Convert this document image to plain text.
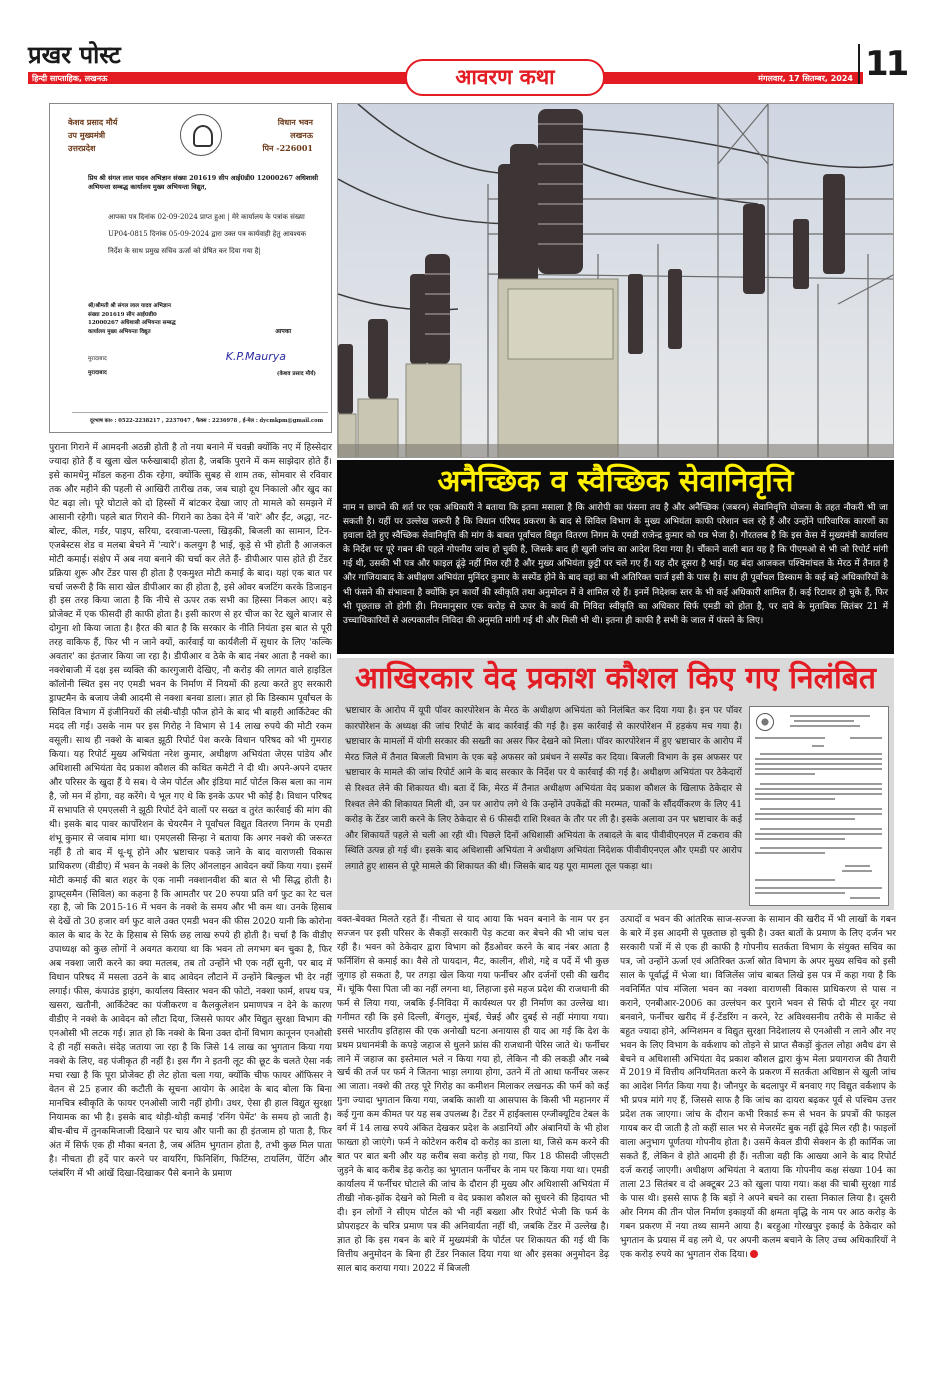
प्रखर पोस्ट
हिन्दी साप्ताहिक, लखनऊ	मंगलवार, 17 सितम्बर, 2024
आवरण कथा	11
केशव प्रसाद मौर्य
उप मुख्यमंत्री
उत्तरप्रदेश
विधान भवन
लखनऊ
पिन -226001
प्रिय श्री संगल लाल यादव अभिज्ञान संख्या 201619 सीप आई0डी0 12000267 अधिशासी अभियन्ता सम्बद्ध कार्यालय मुख्य अभियन्ता विद्युत,
आपका पत्र दिनांक 02-09-2024 प्राप्त हुआ | मेरे कार्यालय के पत्रांक संख्या UP04-0815 दिनांक 05-09-2024 द्वारा उक्त पत्र कार्यवाही हेतु आवश्यक निर्देश के साथ प्रमुख सचिव ऊर्जा को प्रेषित कर दिया गया है|
श्री/श्रीमती श्री संगल लाल यादव अभिज्ञान संख्या 201619 सीप आई0डी0 12000267 अधिशासी अभियन्ता सम्बद्ध कार्यालय मुख्य अभियन्ता विद्युत
मुरादाबाद
मुरादाबाद
आपका
K.P.Maurya
(केशव प्रसाद मौर्य)
दूरभाष का० : 0522-2238217 , 2237047 , फैक्स : 2236978 , ई-मेल : dycmkpm@gmail.com
अनैच्छिक व स्वैच्छिक सेवानिवृत्ति

नाम न छापने की शर्त पर एक अधिकारी ने बताया कि इतना मसाला है कि आरोपी का फंसना तय है और अनैच्छिक (जबरन) सेवानिवृत्ति योजना के तहत नौकरी भी जा सकती है। यहीं पर उल्लेख जरूरी है कि विधान परिषद प्रकरण के बाद से सिविल विभाग के मुख्य अभियंता काफी परेशान चल रहे हैं और उन्होंने पारिवारिक कारणों का हवाला देते हुए स्वैच्छिक सेवानिवृत्ति की मांग के बाबत पूर्वांचल विद्युत वितरण निगम के एमडी राजेन्द्र कुमार को पत्र भेजा है। गौरतलब है कि इस केस में मुख्यमंत्री कार्यालय के निर्देश पर पूरे गबन की पहले गोपनीय जांच हो चुकी है, जिसके बाद ही खुली जांच का आदेश दिया गया है। चौंकाने वाली बात यह है कि पीएमओ से भी जो रिपोर्ट मांगी गई थी, उसकी भी पत्र और फाइल ढूंढ़े नहीं मिल रही है और मुख्य अभियंता छुट्टी पर चले गए हैं। यह दौर दूसरा है भाई। यह बंदा आजकल पश्चिमांचल के मेरठ में तैनात है और गाजियाबाद के अधीक्षण अभियंता मुनिंदर कुमार के सस्पेंड होने के बाद वहां का भी अतिरिक्त चार्ज इसी के पास है। साथ ही पूर्वांचल डिस्काम के कई बड़े अधिकारियों के भी फंसने की संभावना है क्योंकि इन कार्यों की स्वीकृति तथा अनुमोदन में वे शामिल रहे हैं। इनमें निदेशक स्तर के भी कई अधिकारी शामिल हैं। कई रिटायर हो चुके हैं, फिर भी पूछताछ तो होगी ही। नियमानुसार एक करोड़ से ऊपर के कार्य की निविदा स्वीकृति का अधिकार सिर्फ एमडी को होता है, पर दावे के मुताबिक सितंबर 21 में उच्चाधिकारियों से अल्पकालीन निविदा की अनुमति मांगी गई थी और मिली भी थी। इतना ही काफी है सभी के जाल में फंसने के लिए।

आखिरकार वेद प्रकाश कौशल किए गए निलंबित

भ्रष्टाचार के आरोप में यूपी पॉवर कारपोरेशन के मेरठ के अधीक्षण अभियंता को निलंबित कर दिया गया है। इन पर पॉवर कारपोरेशन के अध्यक्ष की जांच रिपोर्ट के बाद कार्रवाई की गई है। इस कार्रवाई से कारपोरेशन में हड़कंप मच गया है। भ्रष्टाचार के मामलों में योगी सरकार की सख्ती का असर फिर देखने को मिला। पॉवर कारपोरेशन में हुए भ्रष्टाचार के आरोप में मेरठ जिले में तैनात बिजली विभाग के एक बड़े अफसर को प्रबंधन ने सस्पेंड कर दिया। बिजली विभाग के इस अफसर पर भ्रष्टाचार के मामले की जांच रिपोर्ट आने के बाद सरकार के निर्देश पर ये कार्रवाई की गई है। अधीक्षण अभियंता पर ठेकेदारों से रिश्वत लेने की शिकायत थी। बता दें कि, मेरठ में तैनात अधीक्षण अभियंता वेद प्रकाश कौशल के खिलाफ ठेकेदार से रिश्वत लेने की शिकायत मिली थी, उन पर आरोप लगे थे कि उन्होंने उपकेंद्रों की मरम्मत, पार्कों के सौंदर्यीकरण के लिए 41 करोड़ के टेंडर जारी करने के लिए ठेकेदार से 6 फीसदी राशि रिश्वत के तौर पर ली है। इसके अलावा उन पर भ्रष्टाचार के कई और शिकायतें पहले से चली आ रही थी। पिछले दिनों अधिशासी अभियंता के तबादले के बाद पीवीवीएनएल में टकराव की स्थिति उत्पन्न हो गई थी। इसके बाद अधिशासी अभियंता ने अधीक्षण अभियंता निदेशक पीवीवीएनएल और एमडी पर आरोप लगाते हुए शासन से पूरे मामले की शिकायत की थी। जिसके बाद यह पूरा मामला तूल पकड़ा था।

पुराना गिराने में आमदनी अठन्नी होती है तो नया बनाने में चवन्नी क्योंकि नए में हिस्सेदार ज्यादा होते हैं व खुला खेल फर्रुखाबादी होता है, जबकि पुराने में कम साझेदार होते हैं। इसे कामधेनु मॉडल कहना ठीक रहेगा, क्योंकि सुबह से शाम तक, सोमवार से रविवार तक और महीने की पहली से आखिरी तारीख तक, जब चाहो दूध निकालो और खुद का पेट बढ़ा लो। पूरे घोटाले को दो हिस्सों में बांटकर देखा जाए तो मामले को समझने में आसानी रहेगी। पहले बात गिराने की- गिराने का ठेका देने में 'वारे' और ईंट, अद्धा, नट-बोल्ट, कील, गर्डर, पाइप, सरिया, दरवाजा-पल्ला, खिड़की, बिजली का सामान, टिन-एजबेस्टस शेड व मलबा बेचने में 'न्यारे'। कलयुग है भाई, कूड़े से भी होती है आजकल मोटी कमाई। संक्षेप में अब नया बनाने की चर्चा कर लेते हैं- डीपीआर पास होते ही टेंडर प्रक्रिया शुरू और टेंडर पास ही होता है एकमुश्त मोटी कमाई के बाद। यहां एक बात पर चर्चा जरूरी है कि सारा खेल डीपीआर का ही होता है, इसे ओवर बजटिंग करके डिजाइन ही इस तरह किया जाता है कि नीचे से ऊपर तक सभी का हिस्सा निकल आए। बड़े प्रोजेक्ट में एक फीसदी ही काफी होता है। इसी कारण से हर चीज का रेट खुले बाजार से दोगुना शो किया जाता है। हैरत की बात है कि सरकार के नीति नियंता इस बात से पूरी तरह वाकिफ हैं, फिर भी न जाने क्यों, कार्रवाई या कार्यशैली में सुधार के लिए 'कल्कि अवतार' का इंतजार किया जा रहा है। डीपीआर व ठेके के बाद नंबर आता है नक्शे का। नक्शेबाजी में दक्ष इस व्यक्ति की कारगुजारी देखिए, नौ करोड़ की लागत वाले हाइडिल कॉलोनी स्थित इस नए एमडी भवन के निर्माण में नियमों की हत्या करते हुए सरकारी ड्राफ्टमैन के बजाय जेबी आदमी से नक्शा बनवा डाला। ज्ञात हो कि डिस्काम पूर्वांचल के सिविल विभाग में इंजीनियरों की लंबी-चौड़ी फौज होने के बाद भी बाहरी आर्किटेक्ट की मदद ली गई। उसके नाम पर इस गिरोह ने विभाग से 14 लाख रुपये की मोटी रकम वसूली। साथ ही नक्शे के बाबत झूठी रिपोर्ट पेश करके विधान परिषद को भी गुमराह किया। यह रिपोर्ट मुख्य अभियंता नरेश कुमार, अधीक्षण अभियंता जेएस पांडेय और अधिशासी अभियंता वेद प्रकाश कौशल की कथित कमेटी ने दी थी। अपने-अपने दफ्तर और परिसर के खुदा हैं ये सब। ये जेम पोर्टल और इंडिया मार्ट पोर्टल किस बला का नाम है, जो मन में होगा, वह करेंगे। ये भूल गए थे कि इनके ऊपर भी कोई है। विधान परिषद में सभापति से एमएलसी ने झूठी रिपोर्ट देने वालों पर सख्त व तुरंत कार्रवाई की मांग की थी। इसके बाद पावर कार्पोरेशन के चेयरमैन ने पूर्वांचल विद्युत वितरण निगम के एमडी शंभू कुमार से जवाब मांगा था। एमएलसी सिन्हा ने बताया कि अगर नक्शे की जरूरत नहीं है तो बाद में थू-थू होने और भ्रष्टाचार पकड़े जाने के बाद वाराणसी विकास प्राधिकरण (वीडीए) में भवन के नक्शे के लिए ऑनलाइन आवेदन क्यों किया गया। इसमें मोटी कमाई की बात शहर के एक नामी नक्शानवीश की बात से भी सिद्ध होती है। ड्राफ्ट्समैन (सिविल) का कहना है कि आमतौर पर 20 रुपया प्रति वर्ग फुट का रेट चल रहा है, जो कि 2015-16 में भवन के नक्शे के समय और भी कम था। उनके हिसाब से देखें तो 30 हजार वर्ग फुट वाले उक्त एमडी भवन की फीस 2020 यानी कि कोरोना काल के बाद के रेट के हिसाब से सिर्फ छह लाख रुपये ही होती है। चर्चा है कि वीडीए उपाध्यक्ष को कुछ लोगों ने अवगत कराया था कि भवन तो लगभग बन चुका है, फिर अब नक्शा जारी करने का क्या मतलब, तब तो उन्होंने भी एक नहीं सुनी, पर बाद में विधान परिषद में मसला उठने के बाद आवेदन लौटाने में उन्होंने बिल्कुल भी देर नहीं लगाई। फीस, कंपाउंड ड्राइंग, कार्यालय विस्तार भवन की फोटो, नक्शा फार्म, शपथ पत्र, खसरा, खतौनी, आर्किटेक्ट का पंजीकरण व कैलकुलेशन प्रमाणपत्र न देने के कारण वीडीए ने नक्शे के आवेदन को लौटा दिया, जिससे फायर और विद्युत सुरक्षा विभाग की एनओसी भी लटक गई। ज्ञात हो कि नक्शे के बिना उक्त दोनों विभाग कानूनन एनओसी दे ही नहीं सकते। संदेह जताया जा रहा है कि जिसे 14 लाख का भुगतान किया गया नक्शे के लिए, वह पंजीकृत ही नहीं है। इस गैंग ने इतनी लूट की छूट के चलते ऐसा नर्क मचा रखा है कि पूरा प्रोजेक्ट ही लेट होता चला गया, क्योंकि चीफ फायर ऑफिसर ने वेतन से 25 हजार की कटौती के सूचना आयोग के आदेश के बाद बोला कि बिना मानचित्र स्वीकृति के फायर एनओसी जारी नहीं होगी। उधर, ऐसा ही हाल विद्युत सुरक्षा नियामक का भी है। इसके बाद थोड़ी-थोड़ी कमाई 'रनिंग पेमेंट' के समय हो जाती है। बीच-बीच में तुनकमिजाजी दिखाने पर चाय और पानी का ही इंतजाम हो पाता है, फिर अंत में सिर्फ एक ही मौका बनता है, जब अंतिम भुगतान होता है, तभी कुछ मिल पाता है। नीचता ही हदें पार करने पर वायरिंग, फिनिशिंग, फिटिंग्स, टायलिंग, पेंटिंग और प्लंबरिंग में भी आंखें दिखा-दिखाकर पैसे बनाने के प्रमाण
वक्त-बेवक्त मिलते रहते हैं। नीचता से याद आया कि भवन बनाने के नाम पर इन सज्जन पर इसी परिसर के सैकड़ों सरकारी पेड़ कटवा कर बेचने की भी जांच चल रही है। भवन को ठेकेदार द्वारा विभाग को हैंडओवर करने के बाद नंबर आता है फर्निशिंग से कमाई का। वैसे तो पायदान, मैट, कालीन, शीशे, गद्दे व पर्दे में भी कुछ जुगाड़ हो सकता है, पर तगड़ा खेल किया गया फर्नीचर और दर्जनों एसी की खरीद में। चूंकि पैसा पिता जी का नहीं लगना था, लिहाजा इसे महज प्रदेश की राजधानी की फर्म से लिया गया, जबकि ई-निविदा में कार्यस्थल पर ही निर्माण का उल्लेख था। गनीमत रही कि इसे दिल्ली, बेंगलुरु, मुंबई, चेन्नई और दुबई से नहीं मंगाया गया। इससे भारतीय इतिहास की एक अनोखी घटना अनायास ही याद आ गई कि देश के प्रथम प्रधानमंत्री के कपड़े जहाज से धुलने फ्रांस की राजधानी पेरिस जाते थे। फर्नीचर लाने में जहाज का इस्तेमाल भले न किया गया हो, लेकिन नौ की लकड़ी और नब्बे खर्च की तर्ज पर फर्म ने जितना भाड़ा लगाया होगा, उतने में तो आधा फर्नीचर जरूर आ जाता। नक्शे की तरह पूरे गिरोह का कमीशन मिलाकर लखनऊ की फर्म को कई गुना ज्यादा भुगतान किया गया, जबकि काशी या आसपास के किसी भी महानगर में कई गुना कम कीमत पर यह सब उपलब्ध है। टेंडर में हाईक्लास एग्जीक्यूटिव टेबल के वर्ग में 14 लाख रुपये अंकित देखकर प्रदेश के अडानियों और अंबानियों के भी होश फाख्ता हो जाएंगे। फर्म ने कोटेशन करीब दो करोड़ का डाला था, जिसे कम करने की बात पर बात बनी और यह करीब सवा करोड़ हो गया, फिर 18 फीसदी जीएसटी जुड़ने के बाद करीब डेढ़ करोड़ का भुगतान फर्नीचर के नाम पर किया गया था। एमडी कार्यालय में फर्नीचर घोटाले की जांच के दौरान ही मुख्य और अधिशासी अभियंता में तीखी नोक-झोंक देखने को मिली व वेद प्रकाश कौशल को सुधरने की हिदायत भी दी। इन लोगों ने सीएम पोर्टल को भी नहीं बख्शा और रिपोर्ट भेजी कि फर्म के प्रोपराइटर के चरित्र प्रमाण पत्र की अनिवार्यता नहीं थी, जबकि टेंडर में उल्लेख है। ज्ञात हो कि इस गबन के बारे में मुख्यमंत्री के पोर्टल पर शिकायत की गई थी कि वित्तीय अनुमोदन के बिना ही टेंडर निकाल दिया गया था और इसका अनुमोदन डेढ़ साल बाद कराया गया। 2022 में बिजली
उत्पादों व भवन की आंतरिक साज-सज्जा के सामान की खरीद में भी लाखों के गबन के बारे में इस आदमी से पूछताछ हो चुकी है। उक्त बातों के प्रमाण के लिए दर्जन भर सरकारी पत्रों में से एक ही काफी है गोपनीय सतर्कता विभाग के संयुक्त सचिव का पत्र, जो उन्होंने ऊर्जा एवं अतिरिक्त ऊर्जा स्रोत विभाग के अपर मुख्य सचिव को इसी साल के पूर्वार्द्ध में भेजा था। विजिलेंस जांच बाबत लिखे इस पत्र में कहा गया है कि नवनिर्मित पांच मंजिला भवन का नक्शा वाराणसी विकास प्राधिकरण से पास न कराने, एनबीआर-2006 का उल्लंघन कर पुराने भवन से सिर्फ दो मीटर दूर नया बनवाने, फर्नीचर खरीद में ई-टेंडरिंग न करने, रेट अविश्वसनीय तरीके से मार्केट से बहुत ज्यादा होने, अग्निशमन व विद्युत सुरक्षा निदेशालय से एनओसी न लाने और नए भवन के लिए विभाग के वर्कशाप को तोड़ने से प्राप्त सैकड़ों कुंतल लोहा अवैध ढंग से बेचने व अधिशासी अभियंता वेद प्रकाश कौशल द्वारा कुंभ मेला प्रयागराज की तैयारी में 2019 में वित्तीय अनियमितता करने के प्रकरण में सतर्कता अधिष्ठान से खुली जांच का आदेश निर्गत किया गया है। जौनपुर के बदलापुर में बनवाए गए विद्युत वर्कशाप के भी प्रपत्र मांगे गए हैं, जिससे साफ है कि जांच का दायरा बढ़कर पूर्व से पश्चिम उत्तर प्रदेश तक जाएगा। जांच के दौरान कभी रिकार्ड रूम से भवन के प्रपत्रों की फाइल गायब कर दी जाती है तो कहीं साल भर से मेजरमेंट बुक नहीं ढूंढ़े मिल रही है। फाइलों वाला अनुभाग पूर्णतया गोपनीय होता है। उसमें केवल डीपी सेक्शन के ही कार्मिक जा सकते हैं, लेकिन वे होते आदमी ही हैं। नतीजा वही कि आख्या आने के बाद रिपोर्ट दर्ज कराई जाएगी। अधीक्षण अभियंता ने बताया कि गोपनीय कक्ष संख्या 104 का ताला 23 सितंबर व दो अक्टूबर 23 को खुला पाया गया। कक्ष की चाबी सुरक्षा गार्ड के पास थी। इससे साफ है कि बड़ों ने अपने बचने का रास्ता निकाल लिया है। दूसरी ओर निगम की तीन पोल निर्माण इकाइयों की क्षमता वृद्धि के नाम पर आठ करोड़ के गबन प्रकरण में नया तथ्य सामने आया है। बरहुआ गोरखपुर इकाई के ठेकेदार को भुगतान के प्रयास में वह लगे थे, पर अपनी कलम बचाने के लिए उच्च अधिकारियों ने एक करोड़ रुपये का भुगतान रोक दिया।
